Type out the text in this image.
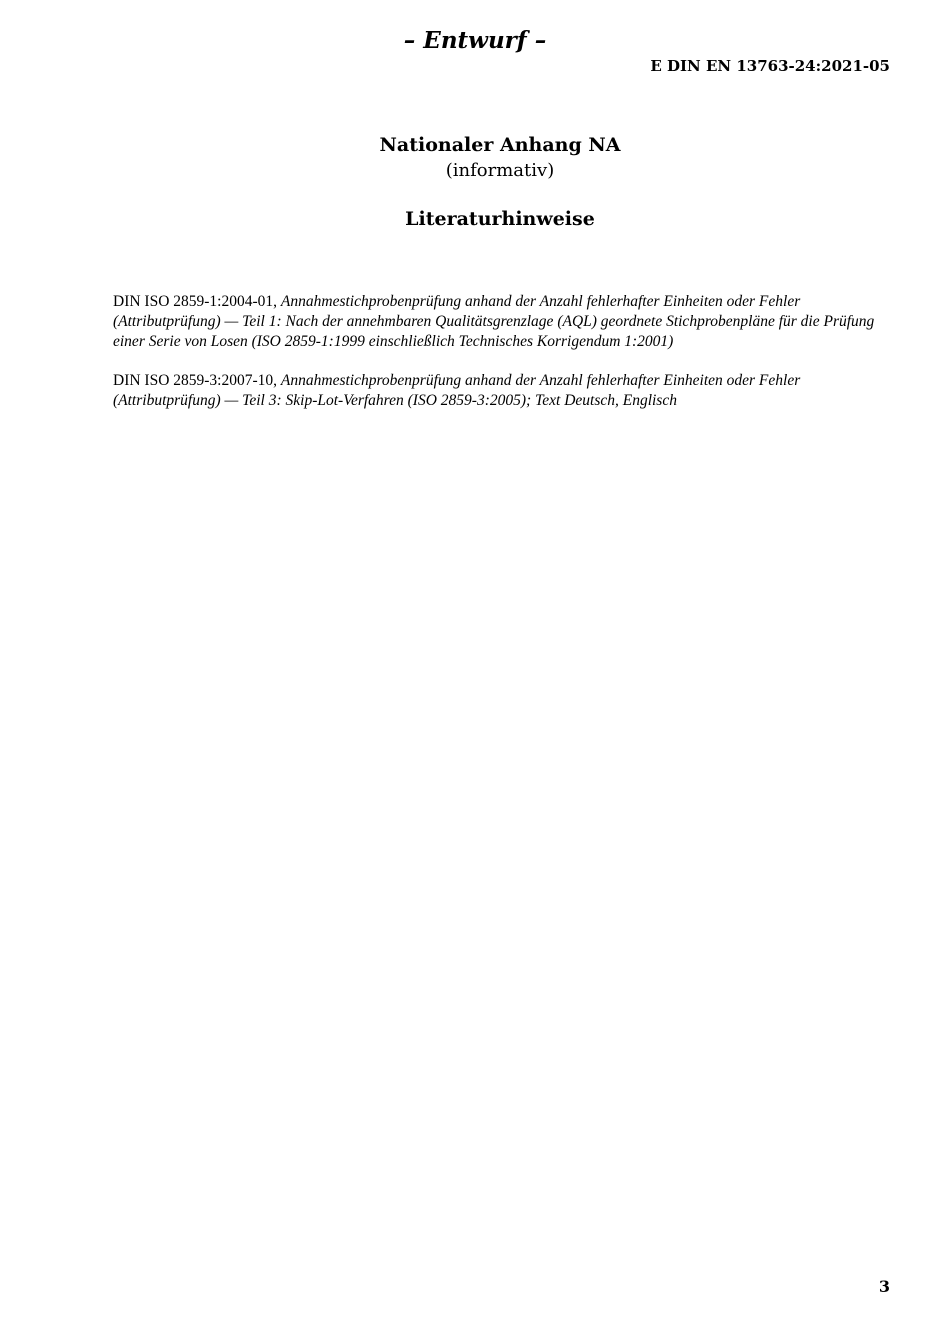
– Entwurf –
E DIN EN 13763-24:2021-05
Nationaler Anhang NA
(informativ)
Literaturhinweise

DIN ISO 2859-1:2004-01, Annahmestichprobenprüfung anhand der Anzahl fehlerhafter Einheiten oder Fehler (Attributprüfung) — Teil 1: Nach der annehmbaren Qualitätsgrenzlage (AQL) geordnete Stichprobenpläne für die Prüfung einer Serie von Losen (ISO 2859-1:1999 einschließlich Technisches Korrigendum 1:2001)

DIN ISO 2859-3:2007-10, Annahmestichprobenprüfung anhand der Anzahl fehlerhafter Einheiten oder Fehler (Attributprüfung) — Teil 3: Skip-Lot-Verfahren (ISO 2859-3:2005); Text Deutsch, Englisch

3
